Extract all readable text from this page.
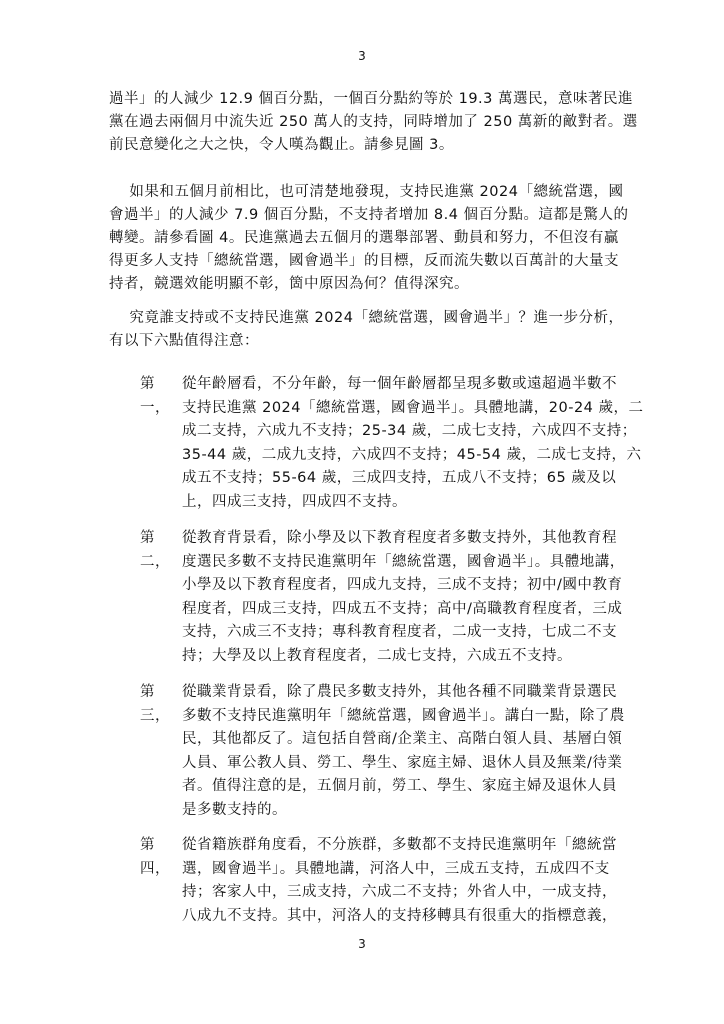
3
過半」的人減少 12.9 個百分點，一個百分點約等於 19.3 萬選民，意味著民進
黨在過去兩個月中流失近 250 萬人的支持，同時增加了 250 萬新的敵對者。選
前民意變化之大之快，令人嘆為觀止。請參見圖 3。
如果和五個月前相比，也可清楚地發現，支持民進黨 2024「總統當選，國
會過半」的人減少 7.9 個百分點，不支持者增加 8.4 個百分點。這都是驚人的
轉變。請參看圖 4。民進黨過去五個月的選舉部署、動員和努力，不但沒有贏
得更多人支持「總統當選，國會過半」的目標，反而流失數以百萬計的大量支
持者，競選效能明顯不彰，箇中原因為何？值得深究。
究竟誰支持或不支持民進黨 2024「總統當選，國會過半」？進一步分析，
有以下六點值得注意：
第一，
從年齡層看，不分年齡，每一個年齡層都呈現多數或遠超過半數不
支持民進黨 2024「總統當選，國會過半」。具體地講，20-24 歲，二
成二支持，六成九不支持；25-34 歲，二成七支持，六成四不支持；
35-44 歲，二成九支持，六成四不支持；45-54 歲，二成七支持，六
成五不支持；55-64 歲，三成四支持，五成八不支持；65 歲及以
上，四成三支持，四成四不支持。
第二，
從教育背景看，除小學及以下教育程度者多數支持外，其他教育程
度選民多數不支持民進黨明年「總統當選，國會過半」。具體地講，
小學及以下教育程度者，四成九支持，三成不支持；初中/國中教育
程度者，四成三支持，四成五不支持；高中/高職教育程度者，三成
支持，六成三不支持；專科教育程度者，二成一支持，七成二不支
持；大學及以上教育程度者，二成七支持，六成五不支持。
第三，
從職業背景看，除了農民多數支持外，其他各種不同職業背景選民
多數不支持民進黨明年「總統當選，國會過半」。講白一點，除了農
民，其他都反了。這包括自營商/企業主、高階白領人員、基層白領
人員、軍公教人員、勞工、學生、家庭主婦、退休人員及無業/待業
者。值得注意的是，五個月前，勞工、學生、家庭主婦及退休人員
是多數支持的。
第四，
從省籍族群角度看，不分族群，多數都不支持民進黨明年「總統當
選，國會過半」。具體地講，河洛人中，三成五支持，五成四不支
持；客家人中，三成支持，六成二不支持；外省人中，一成支持，
八成九不支持。其中，河洛人的支持移轉具有很重大的指標意義，
3
